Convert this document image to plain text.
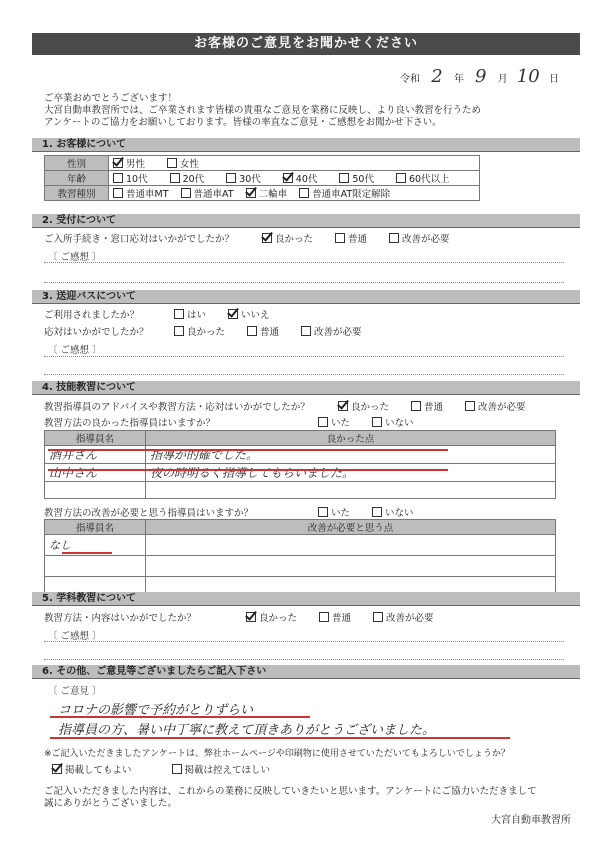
お客様のご意見をお聞かせください
令和 2 年 9 月 10 日
ご卒業おめでとうございます！
大宮自動車教習所では、ご卒業されます皆様の貴重なご意見を業務に反映し、より良い教習を行うため
アンケートのご協力をお願いしております。皆様の率直なご意見・ご感想をお聞かせ下さい。
1. お客様について
性別	男性 女性
年齢	10代 20代 30代 40代 50代 60代以上
教習種別	普通車MT 普通車AT 二輪車 普通車AT限定解除
2. 受付について
ご入所手続き・窓口応対はいかがでしたか？	良かった	普通	改善が必要
〔 ご感想 〕
3. 送迎バスについて
ご利用されましたか？	はい	いいえ
応対はいかがでしたか？	良かった	普通	改善が必要
〔 ご感想 〕
4. 技能教習について
教習指導員のアドバイスや教習方法・応対はいかがでしたか？	良かった	普通	改善が必要
教習方法の良かった指導員はいますか？	いた	いない
指導員名	良かった点
酒井さん	指導が的確でした。
山中さん	夜の時明るく指導してもらいました。

教習方法の改善が必要と思う指導員はいますか？	いた	いない
指導員名	改善が必要と思う点
なし	

5. 学科教習について
教習方法・内容はいかがでしたか？	良かった	普通	改善が必要
〔 ご感想 〕
6. その他、ご意見等ございましたらご記入下さい
〔 ご意見 〕
コロナの影響で予約がとりずらい
指導員の方、暑い中丁寧に教えて頂きありがとうございました。
※ご記入いただきましたアンケートは、弊社ホームページや印刷物に使用させていただいてもよろしいでしょうか？
掲載してもよい	掲載は控えてほしい
ご記入いただきました内容は、これからの業務に反映していきたいと思います。アンケートにご協力いただきまして
誠にありがとうございました。
大宮自動車教習所
